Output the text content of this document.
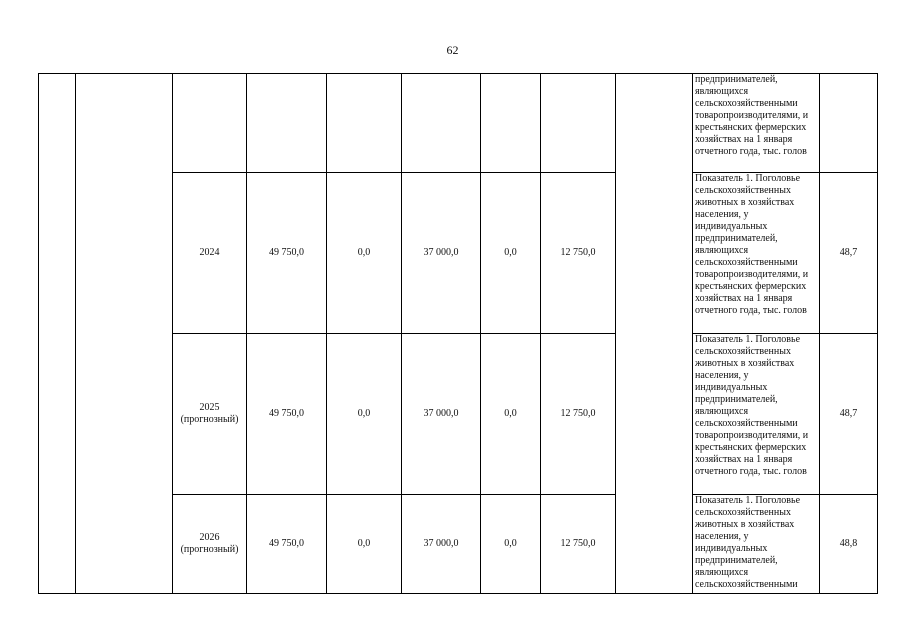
62

									предпринимателей, являющихся сельскохозяйственными товаропроизводителями, и крестьянских фермерских хозяйствах на 1 января отчетного года, тыс. голов	

		2024	49 750,0	0,0	37 000,0	0,0	12 750,0		Показатель 1. Поголовье сельскохозяйственных животных в хозяйствах населения, у индивидуальных предпринимателей, являющихся сельскохозяйственными товаропроизводителями, и крестьянских фермерских хозяйствах на 1 января отчетного года, тыс. голов	48,7
		2025 (прогнозный)	49 750,0	0,0	37 000,0	0,0	12 750,0		Показатель 1. Поголовье сельскохозяйственных животных в хозяйствах населения, у индивидуальных предпринимателей, являющихся сельскохозяйственными товаропроизводителями, и крестьянских фермерских хозяйствах на 1 января отчетного года, тыс. голов	48,7
		2026 (прогнозный)	49 750,0	0,0	37 000,0	0,0	12 750,0		Показатель 1. Поголовье сельскохозяйственных животных в хозяйствах населения, у индивидуальных предпринимателей, являющихся сельскохозяйственными	48,8
